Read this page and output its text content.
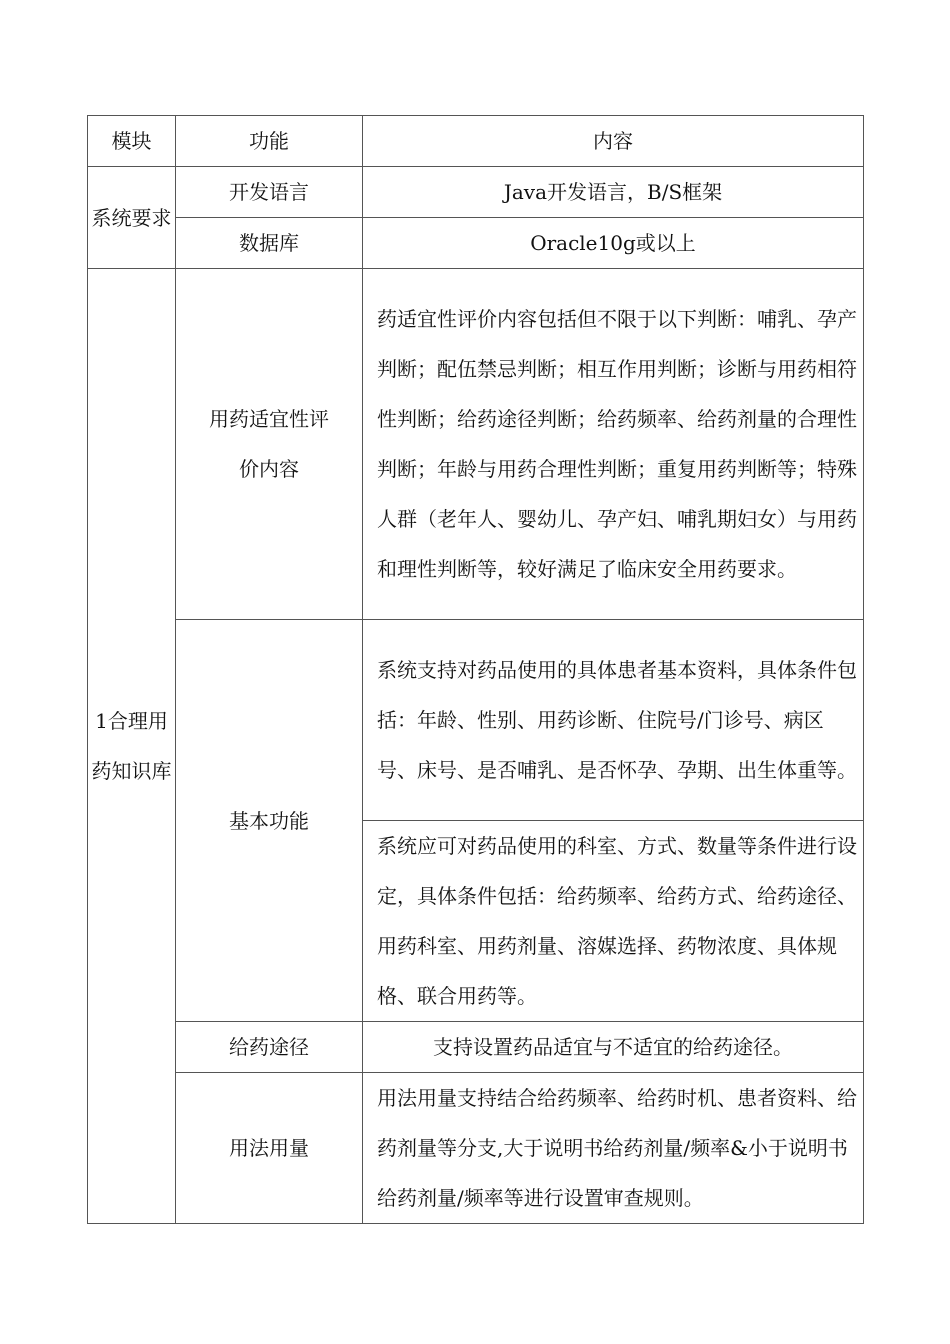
模块	功能	内容

系统要求	开发语言	Java开发语言，B/S框架

	数据库	Oracle10g或以上

1合理用药知识库	用药适宜性评价内容	药适宜性评价内容包括但不限于以下判断：哺乳、孕产判断；配伍禁忌判断；相互作用判断；诊断与用药相符性判断；给药途径判断；给药频率、给药剂量的合理性判断；年龄与用药合理性判断；重复用药判断等；特殊人群（老年人、婴幼儿、孕产妇、哺乳期妇女）与用药和理性判断等，较好满足了临床安全用药要求。

	基本功能	系统支持对药品使用的具体患者基本资料，具体条件包括：年龄、性别、用药诊断、住院号/门诊号、病区号、床号、是否哺乳、是否怀孕、孕期、出生体重等。

		系统应可对药品使用的科室、方式、数量等条件进行设定，具体条件包括：给药频率、给药方式、给药途径、用药科室、用药剂量、溶媒选择、药物浓度、具体规格、联合用药等。

	给药途径	支持设置药品适宜与不适宜的给药途径。

	用法用量	用法用量支持结合给药频率、给药时机、患者资料、给药剂量等分支,大于说明书给药剂量/频率&小于说明书给药剂量/频率等进行设置审查规则。
